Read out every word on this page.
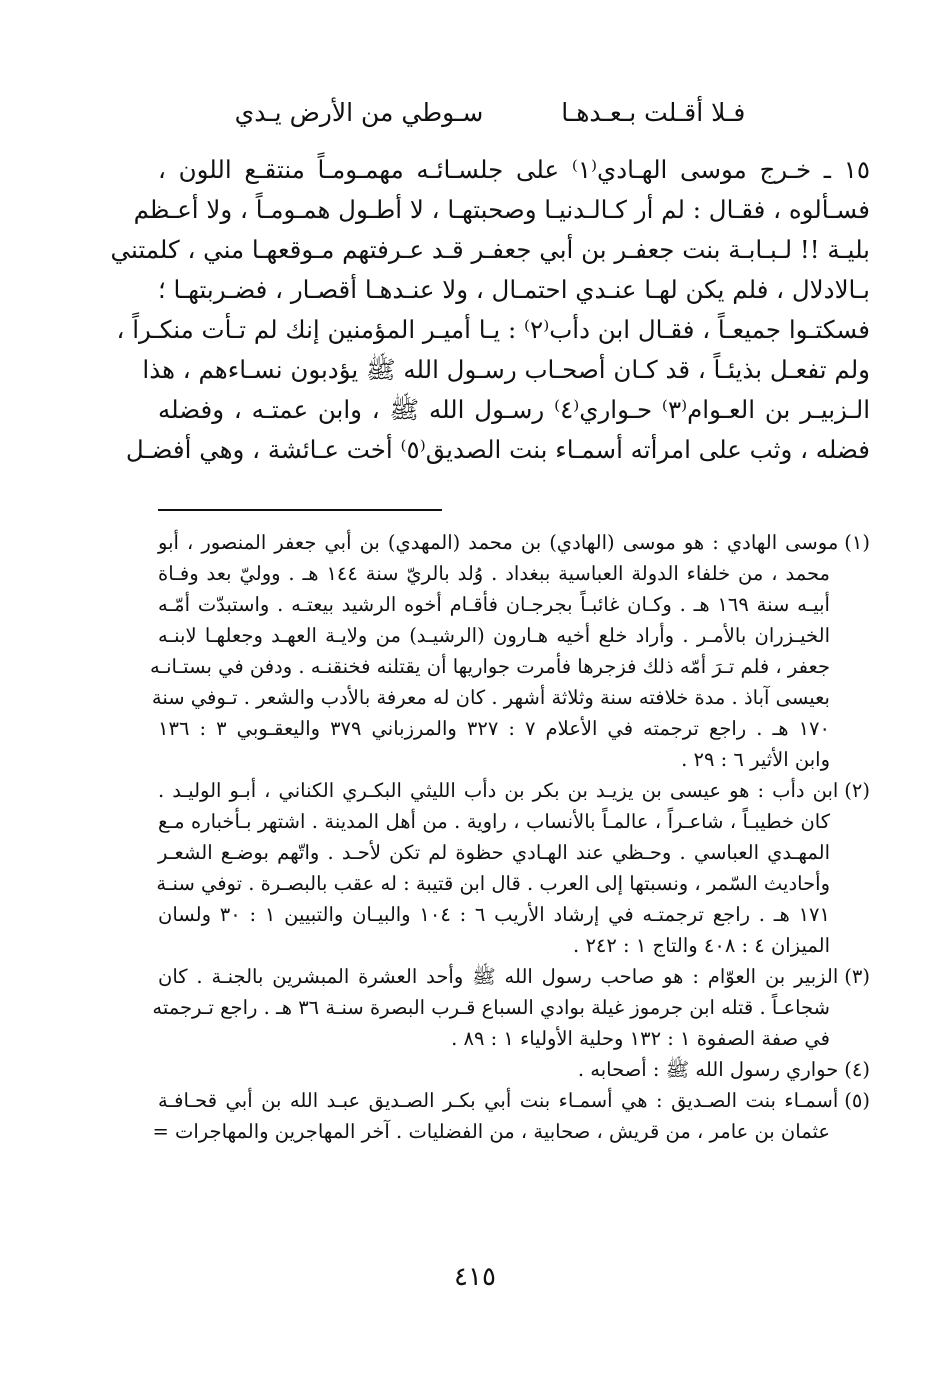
فـلا أقـلت بـعـدهـا سـوطي من الأرض يـدي
١٥ ـ خـرج موسى الهـادي⁽١⁾ على جلسـائـه مهمـومـاً منتقـع اللون ،
فسـألوه ، فقـال : لم أر كـالـدنيـا وصحبتهـا ، لا أطـول همـومـاً ، ولا أعـظم
بليـة !! لـبـابـة بنت جعفـر بن أبي جعفـر قـد عـرفتهم مـوقعهـا مني ، كلمتني
بـالادلال ، فلم يكن لهـا عنـدي احتمـال ، ولا عنـدهـا أقصـار ، فضـربتهـا ؛
فسكتـوا جميعـاً ، فقـال ابن دأب⁽٢⁾ : يـا أميـر المؤمنين إنك لم تـأت منكـراً ،
ولم تفعـل بذيئـاً ، قد كـان أصحـاب رسـول الله ﷺ يؤدبون نسـاءهم ، هذا
الـزبيـر بن العـوام⁽٣⁾ حـواري⁽٤⁾ رسـول الله ﷺ ، وابن عمتـه ، وفضله
فضله ، وثب على امرأته أسمـاء بنت الصديق⁽٥⁾ أخت عـائشة ، وهي أفضـل
(١)موسى الهادي : هو موسى (الهادي) بن محمد (المهدي) بن أبي جعفر المنصور ، أبو
محمد ، من خلفاء الدولة العباسية ببغداد . وُلد بالريّ سنة ١٤٤ هـ . ووليّ بعد وفـاة
أبيـه سنة ١٦٩ هـ . وكـان غائبـاً بجرجـان فأقـام أخوه الرشيد بيعتـه . واستبدّت أمّـه
الخيـزران بالأمـر . وأراد خلع أخيه هـارون (الرشيـد) من ولايـة العهـد وجعلهـا لابنـه
جعفر ، فلم تـرَ أمّه ذلك فزجرها فأمرت جواريها أن يقتلنه فخنقنـه . ودفن في بستـانـه
بعيسى آباذ . مدة خلافته سنة وثلاثة أشهر . كان له معرفة بالأدب والشعر . تـوفي سنة
١٧٠ هـ . راجع ترجمته في الأعلام ٧ : ٣٢٧ والمرزباني ٣٧٩ واليعقـوبي ٣ : ١٣٦
وابن الأثير ٦ : ٢٩ .
(٢)ابن دأب : هو عيسى بن يزيـد بن بكر بن دأب الليثي البكـري الكناني ، أبـو الوليـد .
كان خطيبـاً ، شاعـراً ، عالمـاً بالأنساب ، راوية . من أهل المدينة . اشتهر بـأخباره مـع
المهـدي العباسي . وحـظي عند الهـادي حظوة لم تكن لأحـد . واتّهم بوضـع الشعـر
وأحاديث السّمر ، ونسبتها إلى العرب . قال ابن قتيبة : له عقب بالبصـرة . توفي سنـة
١٧١ هـ . راجع ترجمتـه في إرشاد الأريب ٦ : ١٠٤ والبيـان والتبيين ١ : ٣٠ ولسان
الميزان ٤ : ٤٠٨ والتاج ١ : ٢٤٢ .
(٣)الزبير بن العوّام : هو صاحب رسول الله ﷺ وأحد العشرة المبشرين بالجنـة . كان
شجاعـاً . قتله ابن جرموز غيلة بوادي السباع قـرب البصرة سنـة ٣٦ هـ . راجع تـرجمته
في صفة الصفوة ١ : ١٣٢ وحلية الأولياء ١ : ٨٩ .
(٤)حواري رسول الله ﷺ : أصحابه .
(٥)أسمـاء بنت الصـديق : هي أسمـاء بنت أبي بكـر الصـديق عبـد الله بن أبي قحـافـة
عثمان بن عامر ، من قريش ، صحابية ، من الفضليات . آخر المهاجرين والمهاجرات =
٤١٥
